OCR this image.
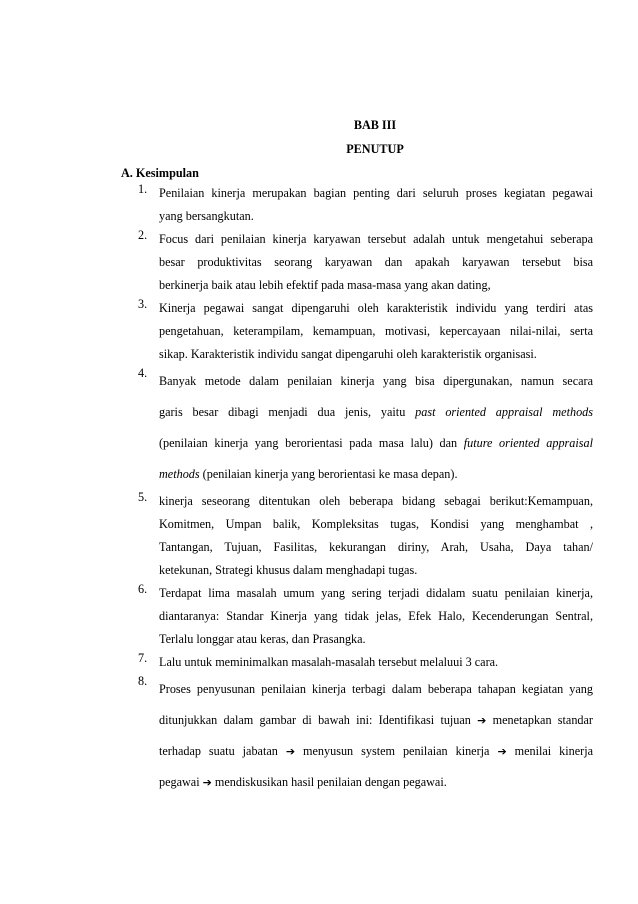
BAB III
PENUTUP
A. Kesimpulan
1. Penilaian kinerja merupakan bagian penting dari seluruh proses kegiatan pegawai
yang bersangkutan.
2. Focus dari penilaian kinerja karyawan tersebut adalah untuk mengetahui seberapa
besar produktivitas seorang karyawan dan apakah karyawan tersebut bisa
berkinerja baik atau lebih efektif pada masa-masa yang akan dating,
3. Kinerja pegawai sangat dipengaruhi oleh karakteristik individu yang terdiri atas
pengetahuan, keterampilam, kemampuan, motivasi, kepercayaan nilai-nilai, serta
sikap. Karakteristik individu sangat dipengaruhi oleh karakteristik organisasi.
4.
Banyak metode dalam penilaian kinerja yang bisa dipergunakan, namun secara
garis besar dibagi menjadi dua jenis, yaitu past oriented appraisal methods
(penilaian kinerja yang berorientasi pada masa lalu) dan future oriented appraisal
methods (penilaian kinerja yang berorientasi ke masa depan).
5. kinerja seseorang ditentukan oleh beberapa bidang sebagai berikut:Kemampuan,
Komitmen, Umpan balik, Kompleksitas tugas, Kondisi yang menghambat ,
Tantangan, Tujuan, Fasilitas, kekurangan diriny, Arah, Usaha, Daya tahan/
ketekunan, Strategi khusus dalam menghadapi tugas.
6. Terdapat lima masalah umum yang sering terjadi didalam suatu penilaian kinerja,
diantaranya: Standar Kinerja yang tidak jelas, Efek Halo, Kecenderungan Sentral,
Terlalu longgar atau keras, dan Prasangka.
7. Lalu untuk meminimalkan masalah-masalah tersebut melaluui 3 cara.
8.
Proses penyusunan penilaian kinerja terbagi dalam beberapa tahapan kegiatan yang
ditunjukkan dalam gambar di bawah ini: Identifikasi tujuan ➔ menetapkan standar
terhadap suatu jabatan ➔ menyusun system penilaian kinerja ➔ menilai kinerja
pegawai ➔ mendiskusikan hasil penilaian dengan pegawai.
